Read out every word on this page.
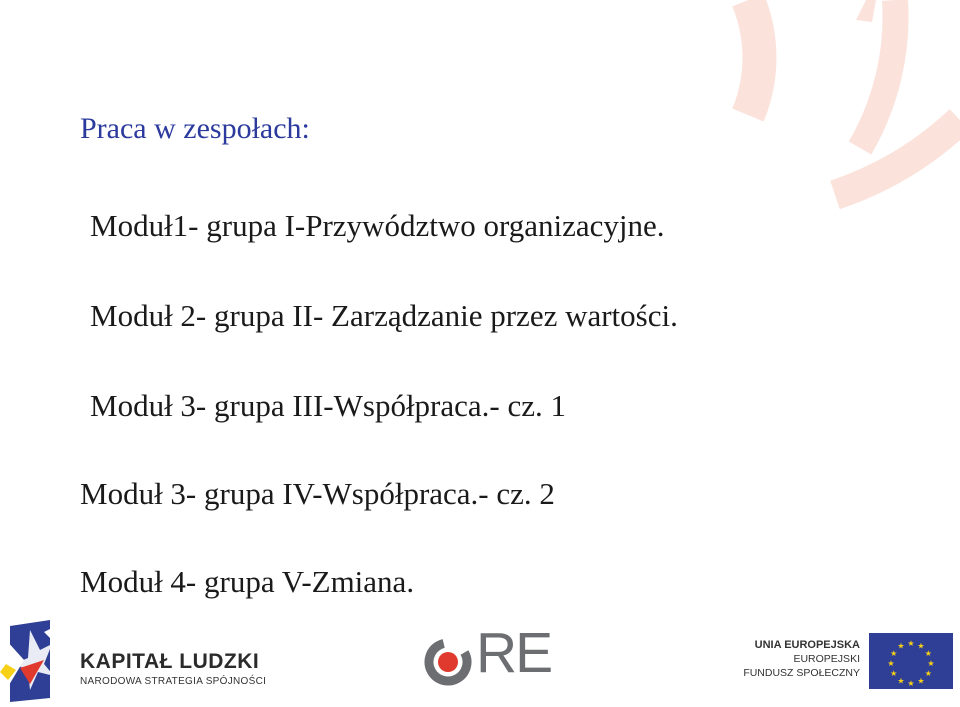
Praca w zespołach:
Moduł1- grupa I-Przywództwo organizacyjne.
Moduł 2- grupa II- Zarządzanie przez wartości.
Moduł 3- grupa III-Współpraca.- cz. 1
Moduł 3- grupa IV-Współpraca.- cz. 2
Moduł 4- grupa V-Zmiana.
KAPITAŁ LUDZKI
NARODOWA STRATEGIA SPÓJNOŚCI	RE	UNIA EUROPEJSKA
EUROPEJSKI
FUNDUSZ SPOŁECZNY
★ ★
★
★
★
★
★
★
★
★
★
★
